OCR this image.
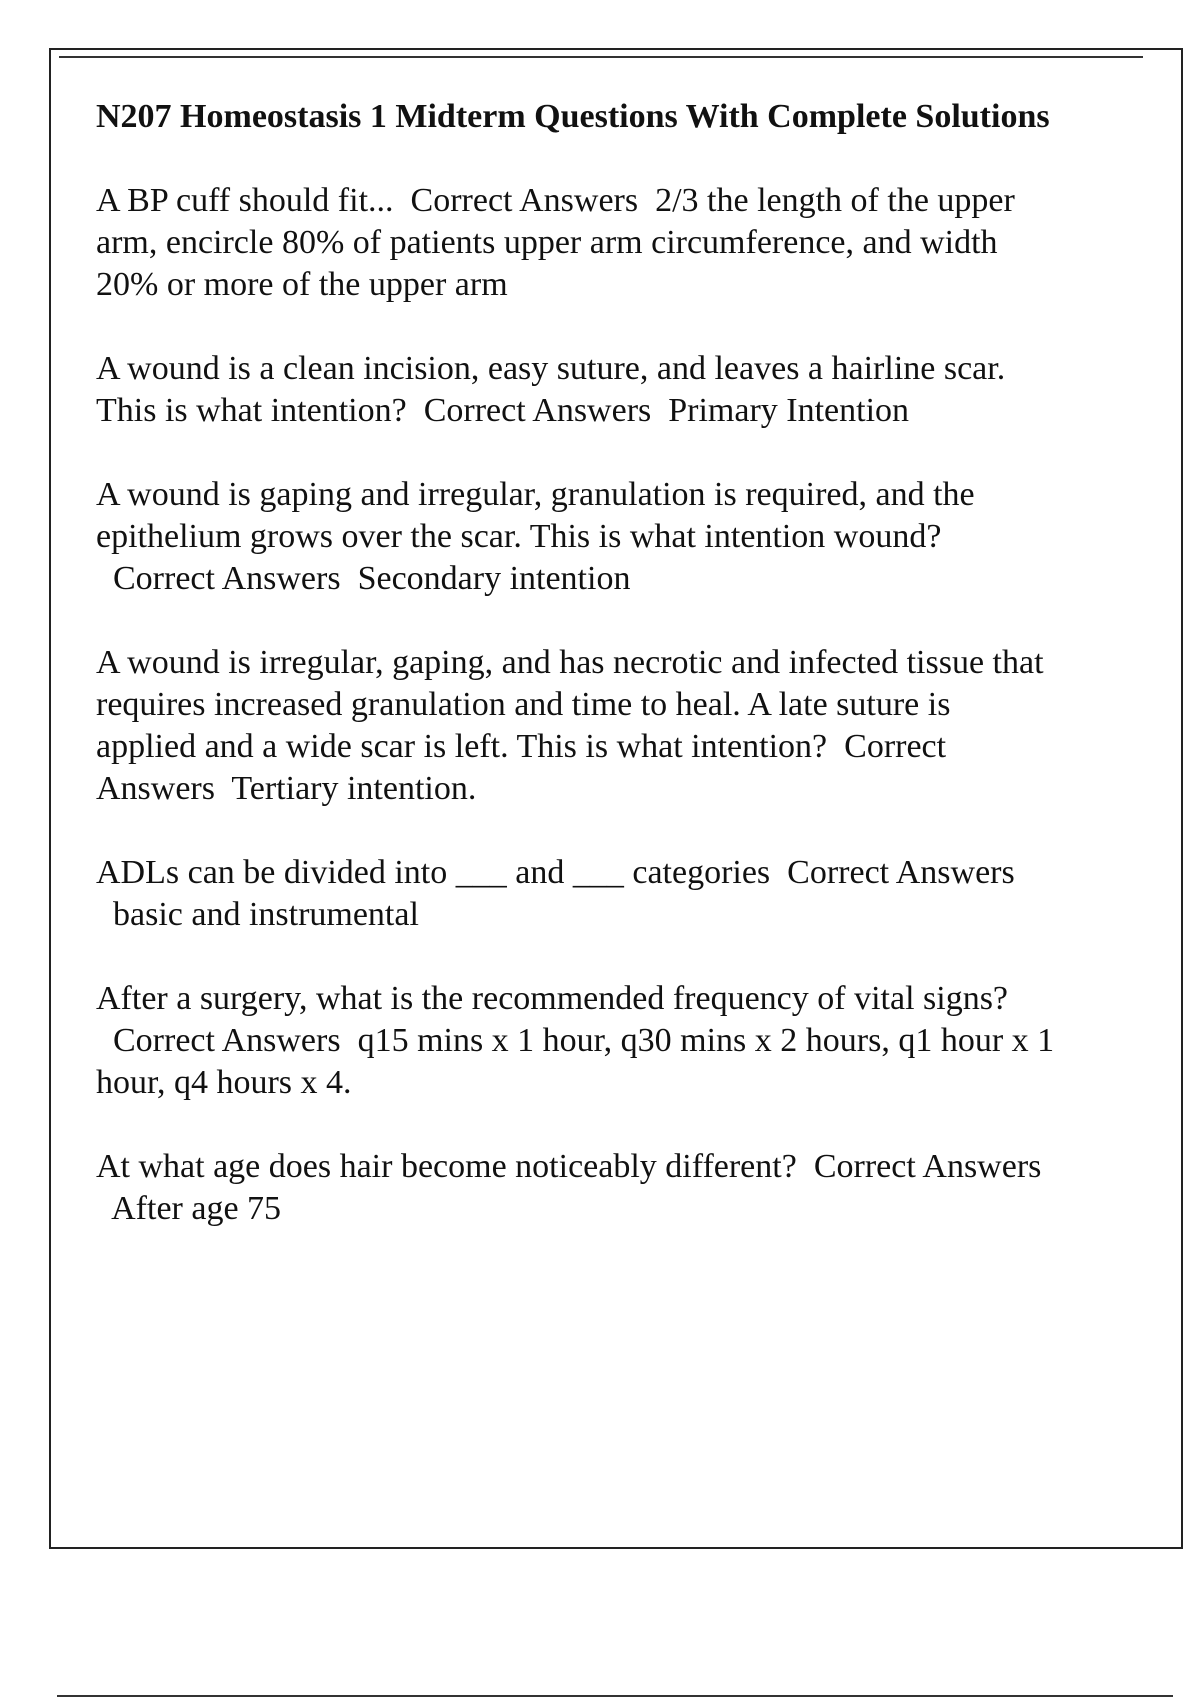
N207 Homeostasis 1 Midterm Questions With Complete Solutions
A BP cuff should fit... Correct Answers 2/3 the length of the upper arm, encircle 80% of patients upper arm circumference, and width 20% or more of the upper arm
A wound is a clean incision, easy suture, and leaves a hairline scar. This is what intention? Correct Answers Primary Intention
A wound is gaping and irregular, granulation is required, and the epithelium grows over the scar. This is what intention wound?  Correct Answers Secondary intention
A wound is irregular, gaping, and has necrotic and infected tissue that requires increased granulation and time to heal. A late suture is applied and a wide scar is left. This is what intention? Correct Answers Tertiary intention.
ADLs can be divided into ___ and ___ categories Correct Answers  basic and instrumental
After a surgery, what is the recommended frequency of vital signs?  Correct Answers q15 mins x 1 hour, q30 mins x 2 hours, q1 hour x 1 hour, q4 hours x 4.
At what age does hair become noticeably different? Correct Answers  After age 75
